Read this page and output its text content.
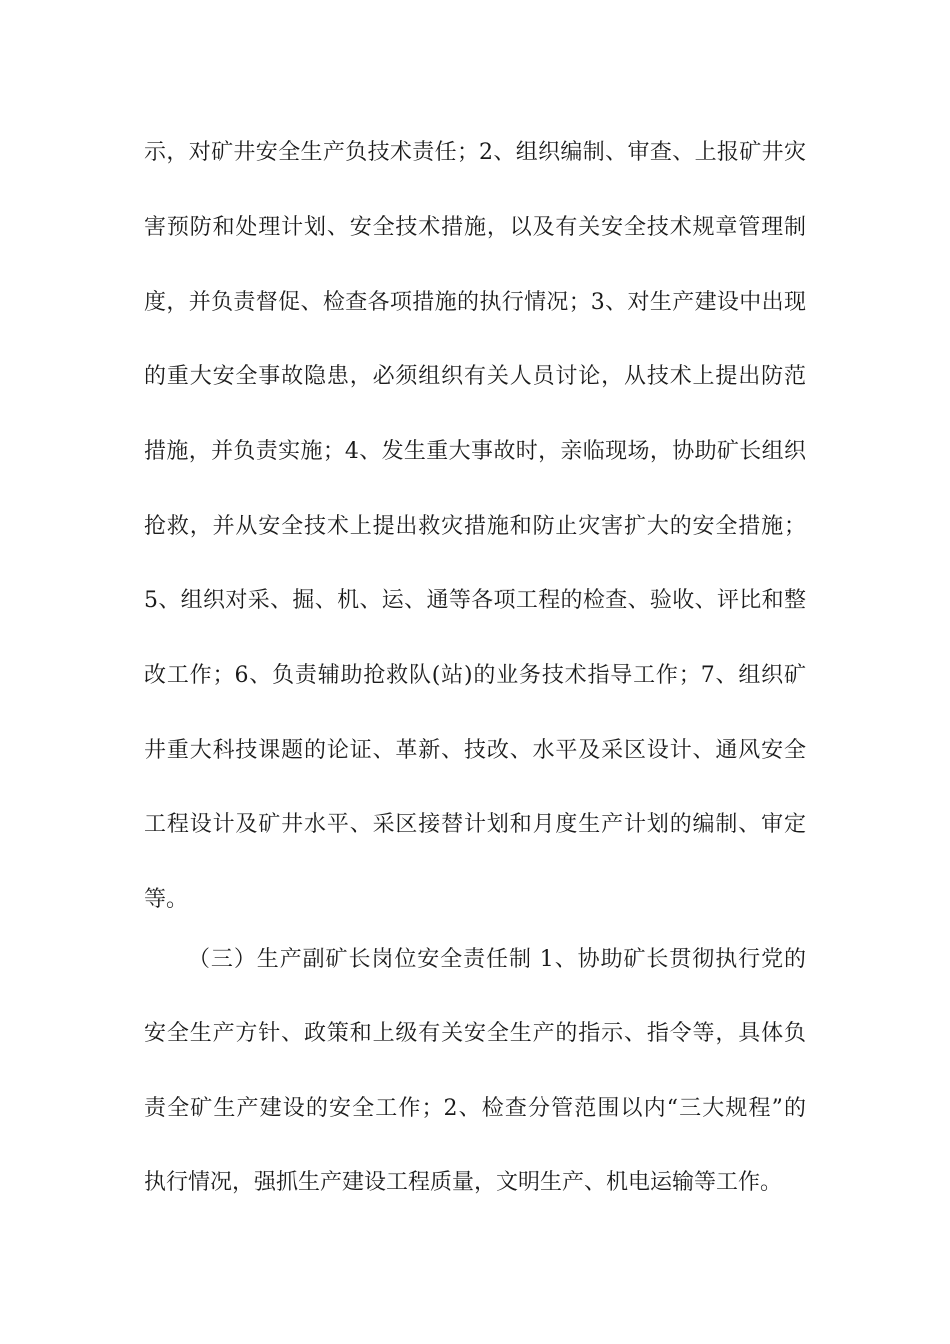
示，对矿井安全生产负技术责任；2、组织编制、审查、上报矿井灾
害预防和处理计划、安全技术措施，以及有关安全技术规章管理制
度，并负责督促、检查各项措施的执行情况；3、对生产建设中出现
的重大安全事故隐患，必须组织有关人员讨论，从技术上提出防范
措施，并负责实施；4、发生重大事故时，亲临现场，协助矿长组织
抢救，并从安全技术上提出救灾措施和防止灾害扩大的安全措施；
5、组织对采、掘、机、运、通等各项工程的检查、验收、评比和整
改工作；6、负责辅助抢救队(站)的业务技术指导工作；7、组织矿
井重大科技课题的论证、革新、技改、水平及采区设计、通风安全
工程设计及矿井水平、采区接替计划和月度生产计划的编制、审定
等。
（三）生产副矿长岗位安全责任制 1、协助矿长贯彻执行党的
安全生产方针、政策和上级有关安全生产的指示、指令等，具体负
责全矿生产建设的安全工作；2、检查分管范围以内“三大规程”的
执行情况，强抓生产建设工程质量，文明生产、机电运输等工作。
